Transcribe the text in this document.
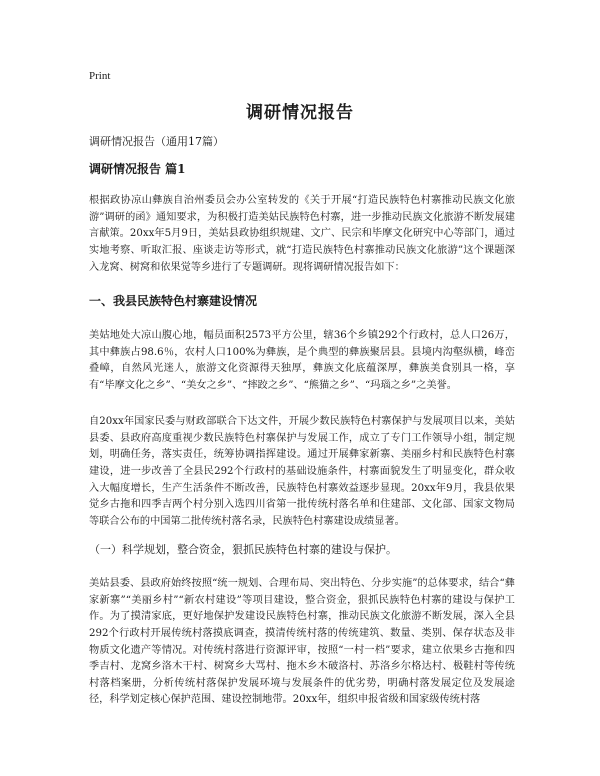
Print
调研情况报告
调研情况报告（通用17篇）
调研情况报告 篇1

根据政协凉山彝族自治州委员会办公室转发的《关于开展“打造民族特色村寨推动民族文化旅游”调研的函》通知要求，为积极打造美姑民族特色村寨，进一步推动民族文化旅游不断发展建言献策。20xx年5月9日，美姑县政协组织规建、文广、民宗和毕摩文化研究中心等部门，通过实地考察、听取汇报、座谈走访等形式，就“打造民族特色村寨推动民族文化旅游”这个课题深入龙窝、树窝和依果觉等乡进行了专题调研。现将调研情况报告如下：

一、我县民族特色村寨建设情况

美姑地处大凉山腹心地，幅员面积2573平方公里，辖36个乡镇292个行政村，总人口26万，其中彝族占98.6％，农村人口100%为彝族，是个典型的彝族聚居县。县境内沟壑纵横，峰峦叠嶂，自然风光迷人，旅游文化资源得天独厚，彝族文化底蕴深厚，彝族美食别具一格，享有“毕摩文化之乡”、“美女之乡”、“摔跤之乡”、“熊猫之乡”、“玛瑙之乡”之美誉。

自20xx年国家民委与财政部联合下达文件，开展少数民族特色村寨保护与发展项目以来，美姑县委、县政府高度重视少数民族特色村寨保护与发展工作，成立了专门工作领导小组，制定规划，明确任务，落实责任，统筹协调指挥建设。通过开展彝家新寨、美丽乡村和民族特色村寨建设，进一步改善了全县民292个行政村的基础设施条件，村寨面貌发生了明显变化，群众收入大幅度增长，生产生活条件不断改善，民族特色村寨效益逐步显现。20xx年9月，我县依果觉乡古拖和四季吉两个村分别入选四川省第一批传统村落名单和住建部、文化部、国家文物局等联合公布的中国第二批传统村落名录，民族特色村寨建设成绩显著。

（一）科学规划，整合资金，狠抓民族特色村寨的建设与保护。

美姑县委、县政府始终按照“统一规划、合理布局、突出特色、分步实施”的总体要求，结合“彝家新寨”“美丽乡村”“新农村建设”等项目建设，整合资金，狠抓民族特色村寨的建设与保护工作。为了摸清家底，更好地保护发建设民族特色村寨，推动民族文化旅游不断发展，深入全县292个行政村开展传统村落摸底调查，摸清传统村落的传统建筑、数量、类别、保存状态及非物质文化遗产等情况。对传统村落进行资源评审，按照“一村一档”要求，建立依果乡古拖和四季吉村、龙窝乡洛木干村、树窝乡大骂村、拖木乡木破洛村、苏洛乡尔格达村、极鞋村等传统村落档案册，分析传统村落保护发展环境与发展条件的优劣势，明确村落发展定位及发展途径，科学划定核心保护范围、建设控制地带。20xx年，组织申报省级和国家级传统村落
